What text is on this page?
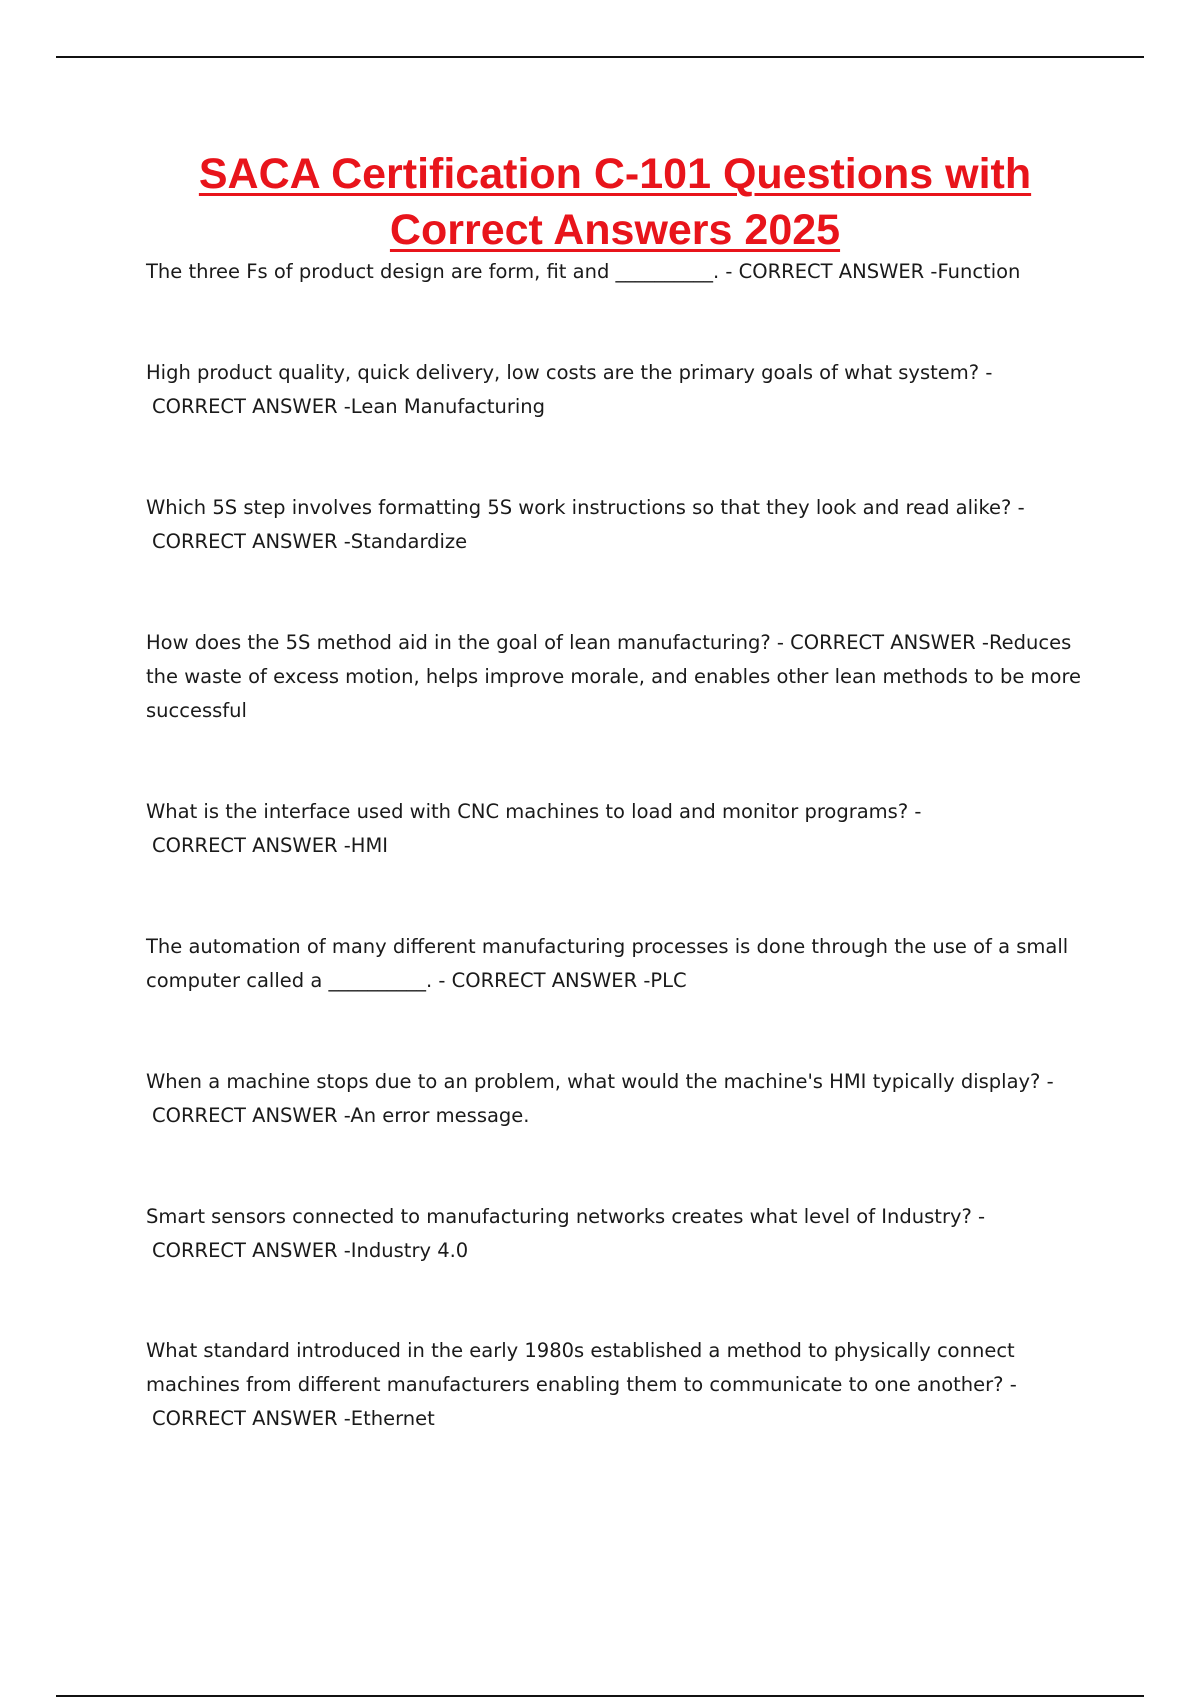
SACA Certification C-101 Questions with Correct Answers 2025
The three Fs of product design are form, fit and __________. - CORRECT ANSWER -Function
High product quality, quick delivery, low costs are the primary goals of what system? -
CORRECT ANSWER -Lean Manufacturing
Which 5S step involves formatting 5S work instructions so that they look and read alike? -
CORRECT ANSWER -Standardize
How does the 5S method aid in the goal of lean manufacturing? - CORRECT ANSWER -Reduces the waste of excess motion, helps improve morale, and enables other lean methods to be more successful
What is the interface used with CNC machines to load and monitor programs? -
CORRECT ANSWER -HMI
The automation of many different manufacturing processes is done through the use of a small computer called a __________. - CORRECT ANSWER -PLC
When a machine stops due to an problem, what would the machine's HMI typically display? -
CORRECT ANSWER -An error message.
Smart sensors connected to manufacturing networks creates what level of Industry? -
CORRECT ANSWER -Industry 4.0
What standard introduced in the early 1980s established a method to physically connect machines from different manufacturers enabling them to communicate to one another? -
CORRECT ANSWER -Ethernet
